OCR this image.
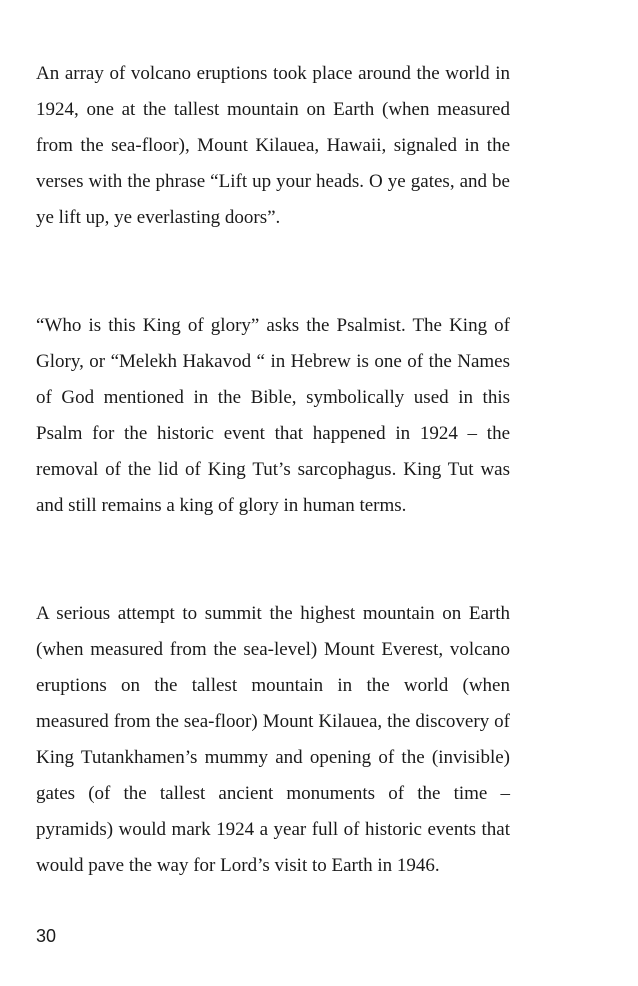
An array of volcano eruptions took place around the world in 1924, one at the tallest mountain on Earth (when measured from the sea-floor), Mount Kilauea, Hawaii, signaled in the verses with the phrase “Lift up your heads. O ye gates, and be ye lift up, ye everlasting doors”.

“Who is this King of glory” asks the Psalmist. The King of Glory, or “Melekh Hakavod “ in Hebrew is one of the Names of God mentioned in the Bible, symbolically used in this Psalm for the historic event that happened in 1924 – the removal of the lid of King Tut’s sarcophagus. King Tut was and still remains a king of glory in human terms.

A serious attempt to summit the highest mountain on Earth (when measured from the sea-level) Mount Everest, volcano eruptions on the tallest mountain in the world (when measured from the sea-floor) Mount Kilauea, the discovery of King Tutankhamen’s mummy and opening of the (invisible) gates (of the tallest ancient monuments of the time – pyramids) would mark 1924 a year full of historic events that would pave the way for Lord’s visit to Earth in 1946.

30
